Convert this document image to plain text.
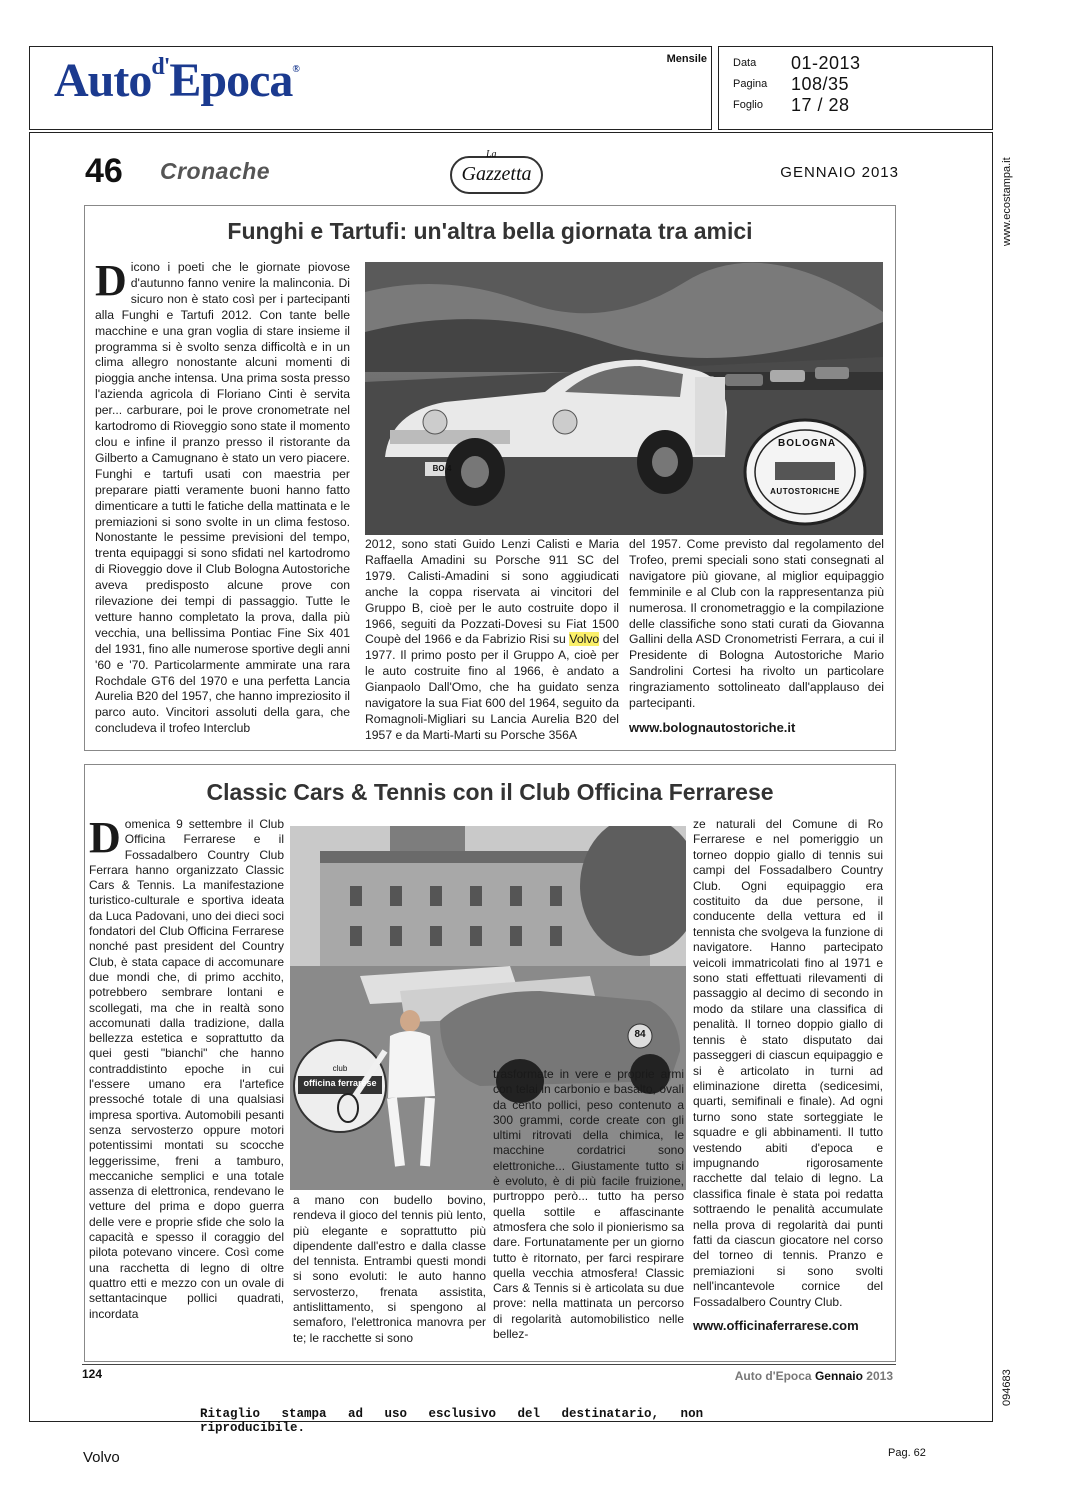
Auto$^{d'}$Epoca®
Mensile Data	01-2013
Pagina	108/35
Foglio	17 / 28
www.ecostampa.it
094683
46 Cronache
La
Gazzetta	GENNAIO 2013
Funghi e Tartufi: un'altra bella giornata tra amici
Dicono i poeti che le giornate piovose d'autunno fanno venire la malinconia. Di sicuro non è stato così per i partecipanti alla Funghi e Tartufi 2012. Con tante belle macchine e una gran voglia di stare insieme il programma si è svolto senza difficoltà e in un clima allegro nonostante alcuni momenti di pioggia anche intensa. Una prima sosta presso l'azienda agricola di Floriano Cinti è servita per... carburare, poi le prove cronometrate nel kartodromo di Rioveggio sono state il momento clou e infine il pranzo presso il ristorante da Gilberto a Camugnano è stato un vero piacere. Funghi e tartufi usati con maestria per preparare piatti veramente buoni hanno fatto dimenticare a tutti le fatiche della mattinata e le premiazioni si sono svolte in un clima festoso. Nonostante le pessime previsioni del tempo, trenta equipaggi si sono sfidati nel kartodromo di Rioveggio dove il Club Bologna Autostoriche aveva predisposto alcune prove con rilevazione dei tempi di passaggio. Tutte le vetture hanno completato la prova, dalla più vecchia, una bellissima Pontiac Fine Six 401 del 1931, fino alle numerose sportive degli anni '60 e '70. Particolarmente ammirate una rara Rochdale GT6 del 1970 e una perfetta Lancia Aurelia B20 del 1957, che hanno impreziosito il parco auto. Vincitori assoluti della gara, che concludeva il trofeo Interclub
BOLOGNA
AUTOSTORICHE
BO 4
2012, sono stati Guido Lenzi Calisti e Maria Raffaella Amadini su Porsche 911 SC del 1979. Calisti-Amadini si sono aggiudicati anche la coppa riservata ai vincitori del Gruppo B, cioè per le auto costruite dopo il 1966, seguiti da Pozzati-Dovesi su Fiat 1500 Coupè del 1966 e da Fabrizio Risi su Volvo del 1977. Il primo posto per il Gruppo A, cioè per le auto costruite fino al 1966, è andato a Gianpaolo Dall'Omo, che ha guidato senza navigatore la sua Fiat 600 del 1964, seguito da Romagnoli-Migliari su Lancia Aurelia B20 del 1957 e da Marti-Marti su Porsche 356A
del 1957. Come previsto dal regolamento del Trofeo, premi speciali sono stati consegnati al navigatore più giovane, al miglior equipaggio femminile e al Club con la rappresentanza più numerosa. Il cronometraggio e la compilazione delle classifiche sono stati curati da Giovanna Gallini della ASD Cronometristi Ferrara, a cui il Presidente di Bologna Autostoriche Mario Sandrolini Cortesi ha rivolto un particolare ringraziamento sottolineato dall'applauso dei partecipanti.
www.bolognautostoriche.it
Classic Cars & Tennis con il Club Officina Ferrarese
Domenica 9 settembre il Club Officina Ferrarese e il Fossadalbero Country Club Ferrara hanno organizzato Classic Cars & Tennis. La manifestazione turistico-culturale e sportiva ideata da Luca Padovani, uno dei dieci soci fondatori del Club Officina Ferrarese nonché past president del Country Club, è stata capace di accomunare due mondi che, di primo acchito, potrebbero sembrare lontani e scollegati, ma che in realtà sono accomunati dalla tradizione, dalla bellezza estetica e soprattutto da quei gesti "bianchi" che hanno contraddistinto epoche in cui l'essere umano era l'artefice pressoché totale di una qualsiasi impresa sportiva. Automobili pesanti senza servosterzo oppure motori potentissimi montati su scocche leggerissime, freni a tamburo, meccaniche semplici e una totale assenza di elettronica, rendevano le vetture del prima e dopo guerra delle vere e proprie sfide che solo la capacità e spesso il coraggio del pilota potevano vincere. Così come una racchetta di legno di oltre quattro etti e mezzo con un ovale di settantacinque pollici quadrati, incordata
club
officina ferrarese
84
a mano con budello bovino, rendeva il gioco del tennis più lento, più elegante e soprattutto più dipendente dall'estro e dalla classe del tennista. Entrambi questi mondi si sono evoluti: le auto hanno servosterzo, frenata assistita, antislittamento, si spengono al semaforo, l'elettronica manovra per te; le racchette si sono
trasformate in vere e proprie armi con telai in carbonio e basalto, ovali da cento pollici, peso contenuto a 300 grammi, corde create con gli ultimi ritrovati della chimica, le macchine cordatrici sono elettroniche... Giustamente tutto si è evoluto, è di più facile fruizione, purtroppo però... tutto ha perso quella sottile e affascinante atmosfera che solo il pionierismo sa dare. Fortunatamente per un giorno tutto è ritornato, per farci respirare quella vecchia atmosfera! Classic Cars & Tennis si è articolata su due prove: nella mattinata un percorso di regolarità automobilistico nelle bellez-
ze naturali del Comune di Ro Ferrarese e nel pomeriggio un torneo doppio giallo di tennis sui campi del Fossadalbero Country Club. Ogni equipaggio era costituito da due persone, il conducente della vettura ed il tennista che svolgeva la funzione di navigatore. Hanno partecipato veicoli immatricolati fino al 1971 e sono stati effettuati rilevamenti di passaggio al decimo di secondo in modo da stilare una classifica di penalità. Il torneo doppio giallo di tennis è stato disputato dai passeggeri di ciascun equipaggio e si è articolato in turni ad eliminazione diretta (sedicesimi, quarti, semifinali e finale). Ad ogni turno sono state sorteggiate le squadre e gli abbinamenti. Il tutto vestendo abiti d'epoca e impugnando rigorosamente racchette dal telaio di legno. La classifica finale è stata poi redatta sottraendo le penalità accumulate nella prova di regolarità dai punti fatti da ciascun giocatore nel corso del torneo di tennis. Pranzo e premiazioni si sono svolti nell'incantevole cornice del Fossadalbero Country Club.
www.officinaferrarese.com
124	Auto d'Epoca Gennaio 2013
Ritaglio stampa ad uso esclusivo del destinatario, non riproducibile.
Volvo	Pag. 62
